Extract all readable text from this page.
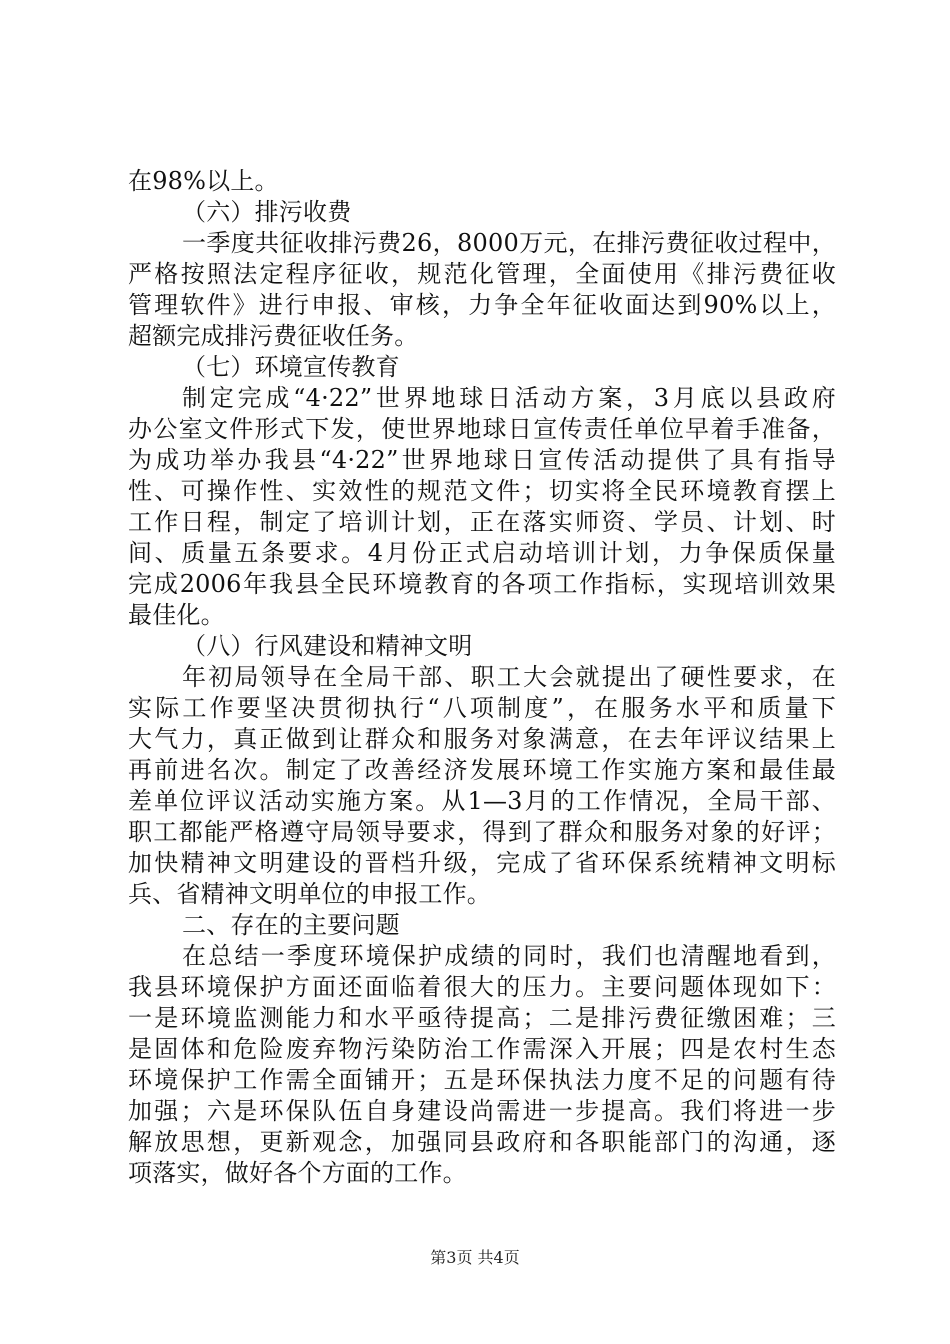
在98%以上。
（六）排污收费
一季度共征收排污费26，8000万元，在排污费征收过程中，
严格按照法定程序征收，规范化管理，全面使用《排污费征收
管理软件》进行申报、审核，力争全年征收面达到90%以上，
超额完成排污费征收任务。
（七）环境宣传教育
制定完成“4·22”世界地球日活动方案，3月底以县政府
办公室文件形式下发，使世界地球日宣传责任单位早着手准备，
为成功举办我县“4·22”世界地球日宣传活动提供了具有指导
性、可操作性、实效性的规范文件；切实将全民环境教育摆上
工作日程，制定了培训计划，正在落实师资、学员、计划、时
间、质量五条要求。4月份正式启动培训计划，力争保质保量
完成2006年我县全民环境教育的各项工作指标，实现培训效果
最佳化。
（八）行风建设和精神文明
年初局领导在全局干部、职工大会就提出了硬性要求，在
实际工作要坚决贯彻执行“八项制度”，在服务水平和质量下
大气力，真正做到让群众和服务对象满意，在去年评议结果上
再前进名次。制定了改善经济发展环境工作实施方案和最佳最
差单位评议活动实施方案。从1—3月的工作情况，全局干部、
职工都能严格遵守局领导要求，得到了群众和服务对象的好评；
加快精神文明建设的晋档升级，完成了省环保系统精神文明标
兵、省精神文明单位的申报工作。
二、存在的主要问题
在总结一季度环境保护成绩的同时，我们也清醒地看到，
我县环境保护方面还面临着很大的压力。主要问题体现如下：
一是环境监测能力和水平亟待提高；二是排污费征缴困难；三
是固体和危险废弃物污染防治工作需深入开展；四是农村生态
环境保护工作需全面铺开；五是环保执法力度不足的问题有待
加强；六是环保队伍自身建设尚需进一步提高。我们将进一步
解放思想，更新观念，加强同县政府和各职能部门的沟通，逐
项落实，做好各个方面的工作。
第3页 共4页
